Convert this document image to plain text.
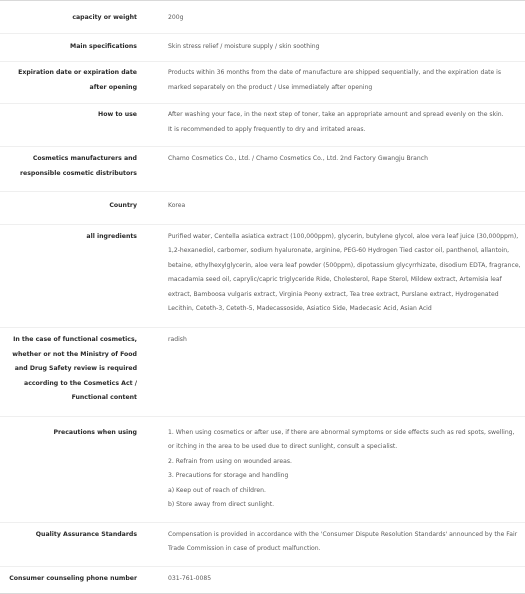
capacity or weight	200g

Main specifications	Skin stress relief / moisture supply / skin soothing

Expiration date or expiration date after opening	Products within 36 months from the date of manufacture are shipped sequentially, and the expiration date is marked separately on the product / Use immediately after opening

How to use	After washing your face, in the next step of toner, take an appropriate amount and spread evenly on the skin.
It is recommended to apply frequently to dry and irritated areas.

Cosmetics manufacturers and responsible cosmetic distributors	Chamo Cosmetics Co., Ltd. / Chamo Cosmetics Co., Ltd. 2nd Factory Gwangju Branch

Country	Korea

all ingredients	Purified water, Centella asiatica extract (100,000ppm), glycerin, butylene glycol, aloe vera leaf juice (30,000ppm), 1,2-hexanediol, carbomer, sodium hyaluronate, arginine, PEG-60 Hydrogen Tied castor oil, panthenol, allantoin, betaine, ethylhexylglycerin, aloe vera leaf powder (500ppm), dipotassium glycyrrhizate, disodium EDTA, fragrance, macadamia seed oil, caprylic/capric triglyceride Ride, Cholesterol, Rape Sterol, Mildew extract, Artemisia leaf extract, Bamboosa vulgaris extract, Virginia Peony extract, Tea tree extract, Purslane extract, Hydrogenated Lecithin, Ceteth-3, Ceteth-5, Madecassoside, Asiatico Side, Madecasic Acid, Asian Acid

In the case of functional cosmetics, whether or not the Ministry of Food and Drug Safety review is required according to the Cosmetics Act / Functional content	radish

Precautions when using	1. When using cosmetics or after use, if there are abnormal symptoms or side effects such as red spots, swelling, or itching in the area to be used due to direct sunlight, consult a specialist.
2. Refrain from using on wounded areas.
3. Precautions for storage and handling
a) Keep out of reach of children.
b) Store away from direct sunlight.

Quality Assurance Standards	Compensation is provided in accordance with the 'Consumer Dispute Resolution Standards' announced by the Fair Trade Commission in case of product malfunction.

Consumer counseling phone number	031-761-0085
